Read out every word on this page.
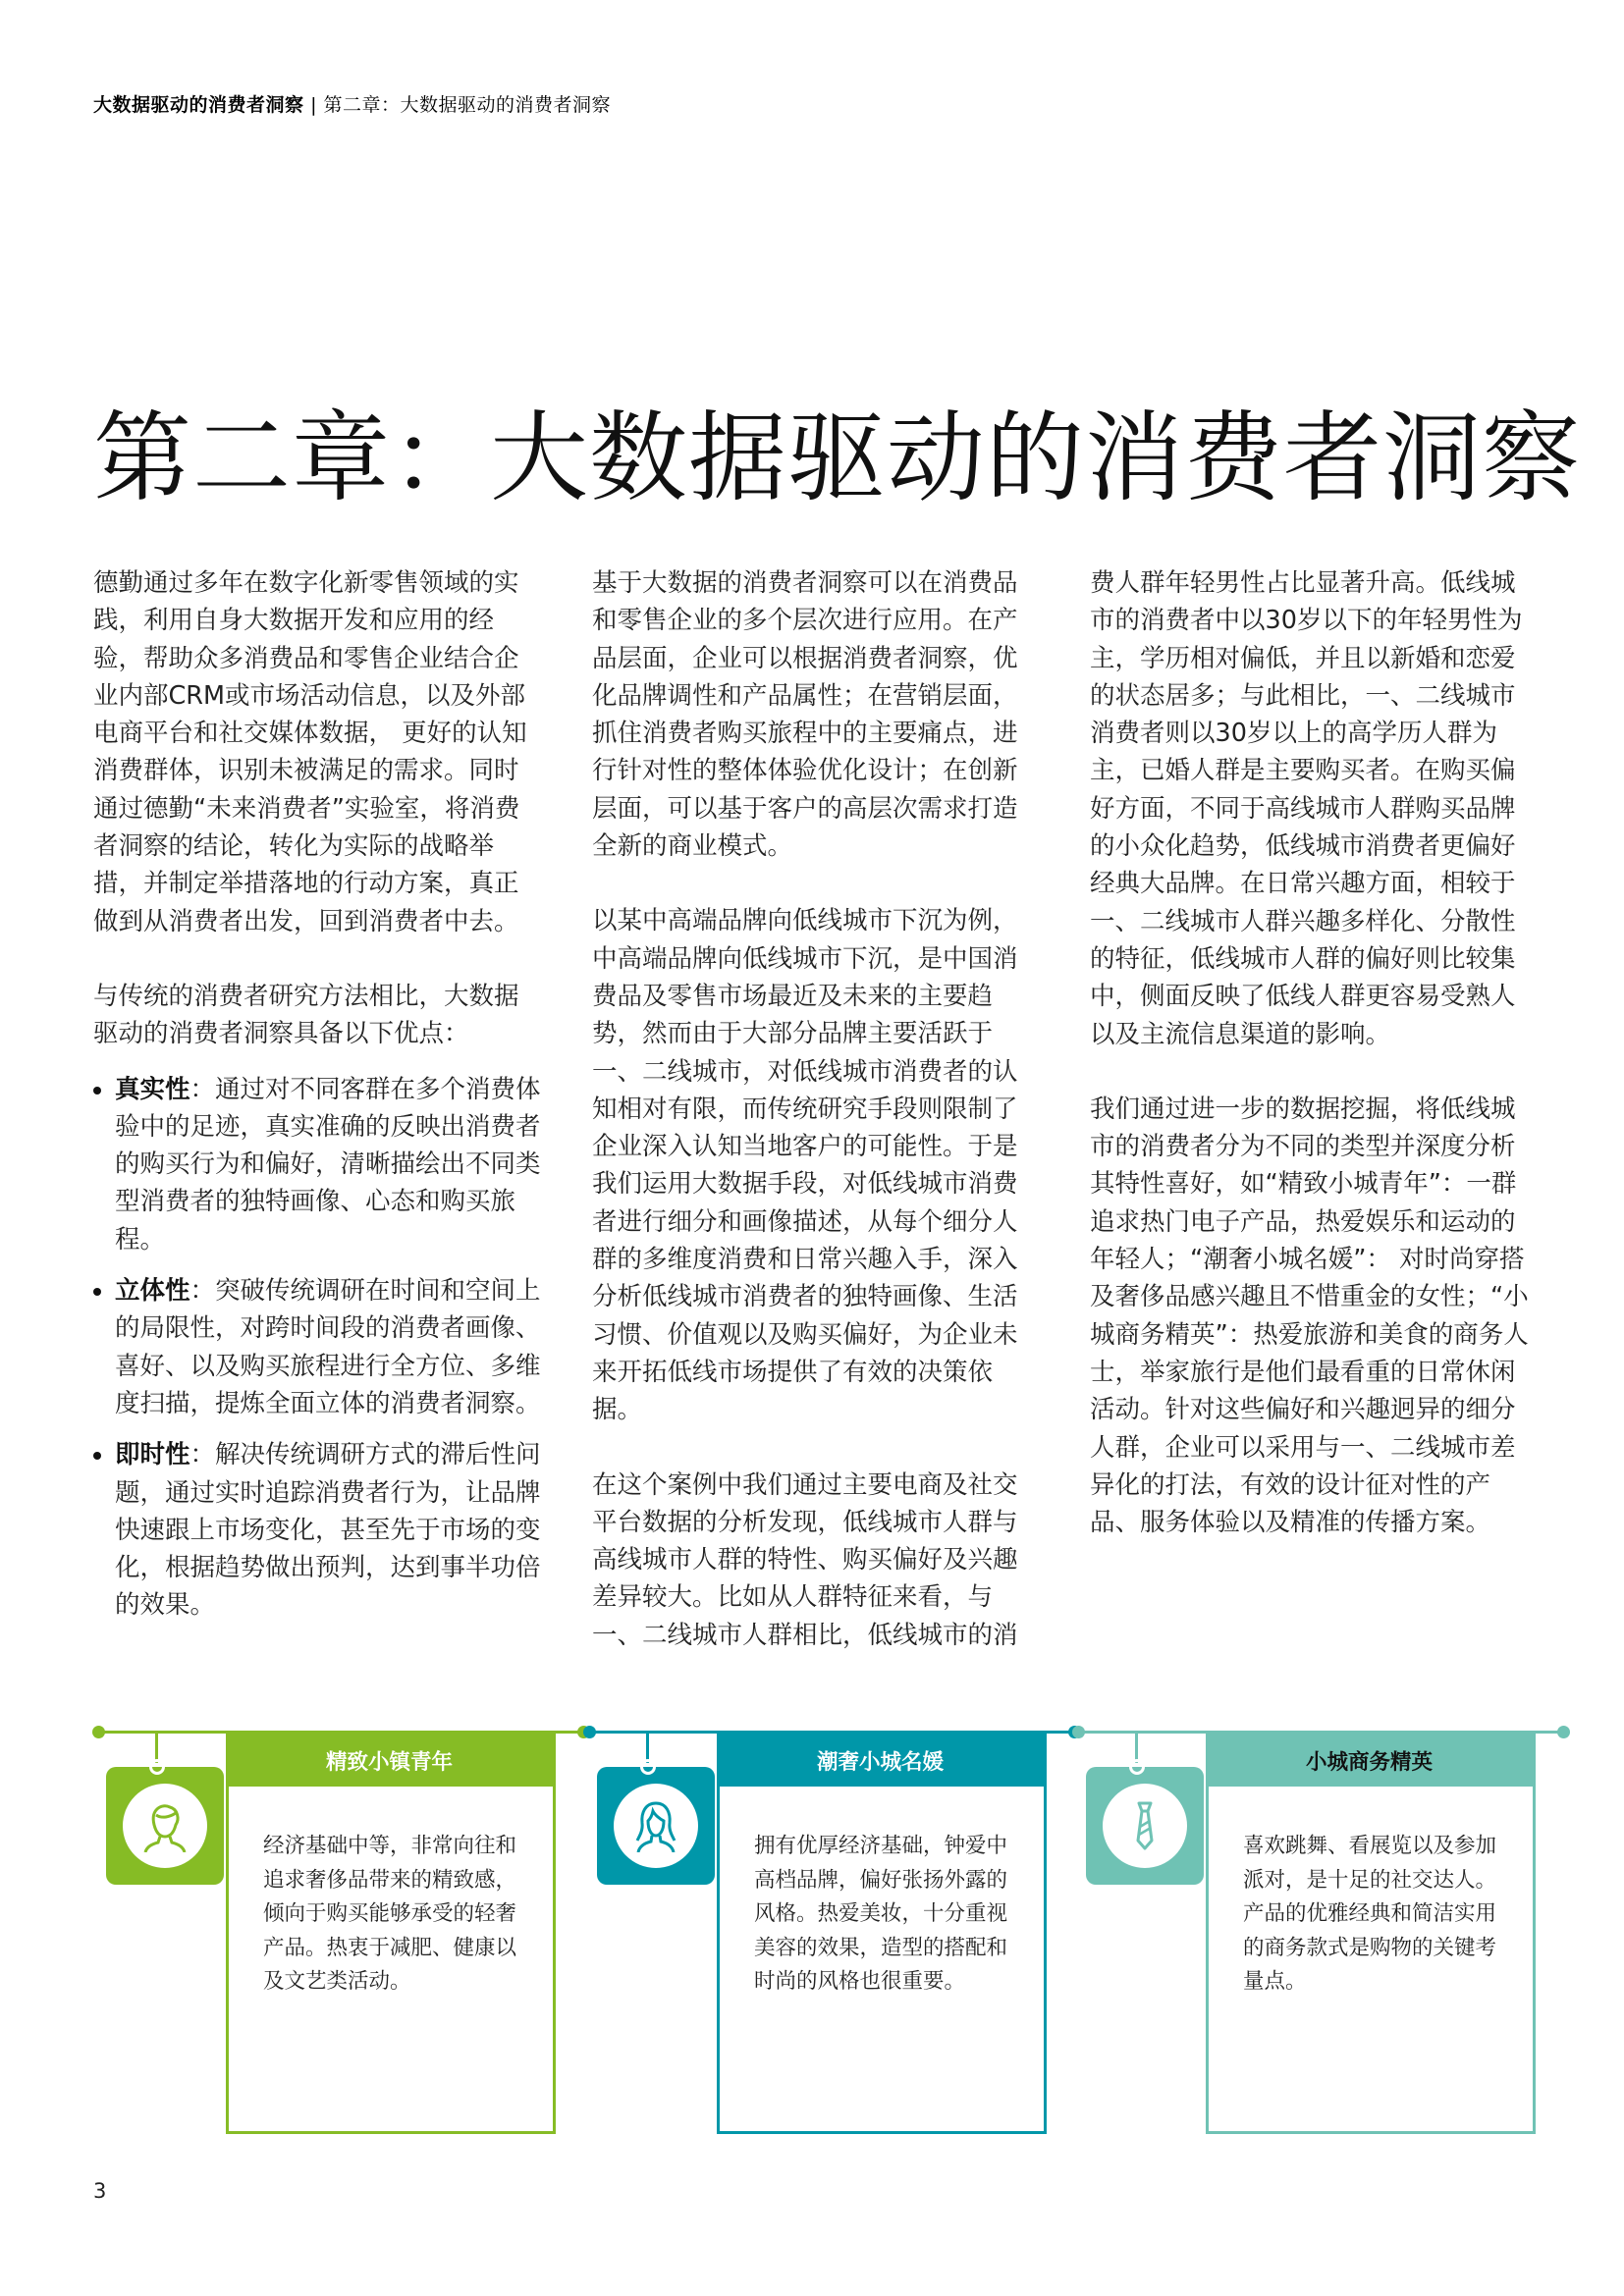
大数据驱动的消费者洞察 | 第二章：大数据驱动的消费者洞察
第二章：大数据驱动的消费者洞察

德勤通过多年在数字化新零售领域的实践，利用自身大数据开发和应用的经验，帮助众多消费品和零售企业结合企业内部CRM或市场活动信息，以及外部电商平台和社交媒体数据， 更好的认知消费群体，识别未被满足的需求。同时通过德勤“未来消费者”实验室，将消费者洞察的结论，转化为实际的战略举措，并制定举措落地的行动方案，真正做到从消费者出发，回到消费者中去。

与传统的消费者研究方法相比，大数据驱动的消费者洞察具备以下优点：

真实性：通过对不同客群在多个消费体验中的足迹，真实准确的反映出消费者的购买行为和偏好，清晰描绘出不同类型消费者的独特画像、心态和购买旅程。
立体性：突破传统调研在时间和空间上的局限性，对跨时间段的消费者画像、喜好、以及购买旅程进行全方位、多维度扫描，提炼全面立体的消费者洞察。
即时性：解决传统调研方式的滞后性问题，通过实时追踪消费者行为，让品牌快速跟上市场变化，甚至先于市场的变化，根据趋势做出预判，达到事半功倍的效果。

基于大数据的消费者洞察可以在消费品和零售企业的多个层次进行应用。在产品层面，企业可以根据消费者洞察，优化品牌调性和产品属性；在营销层面，抓住消费者购买旅程中的主要痛点，进行针对性的整体体验优化设计；在创新层面，可以基于客户的高层次需求打造全新的商业模式。

以某中高端品牌向低线城市下沉为例，中高端品牌向低线城市下沉，是中国消费品及零售市场最近及未来的主要趋势，然而由于大部分品牌主要活跃于一、二线城市，对低线城市消费者的认知相对有限，而传统研究手段则限制了企业深入认知当地客户的可能性。于是我们运用大数据手段，对低线城市消费者进行细分和画像描述，从每个细分人群的多维度消费和日常兴趣入手，深入分析低线城市消费者的独特画像、生活习惯、价值观以及购买偏好，为企业未来开拓低线市场提供了有效的决策依据。

在这个案例中我们通过主要电商及社交平台数据的分析发现，低线城市人群与高线城市人群的特性、购买偏好及兴趣差异较大。比如从人群特征来看，与一、二线城市人群相比，低线城市的消

费人群年轻男性占比显著升高。低线城市的消费者中以30岁以下的年轻男性为主，学历相对偏低，并且以新婚和恋爱的状态居多；与此相比，一、二线城市消费者则以30岁以上的高学历人群为主，已婚人群是主要购买者。在购买偏好方面，不同于高线城市人群购买品牌的小众化趋势，低线城市消费者更偏好经典大品牌。在日常兴趣方面，相较于一、二线城市人群兴趣多样化、分散性的特征，低线城市人群的偏好则比较集中，侧面反映了低线人群更容易受熟人以及主流信息渠道的影响。

我们通过进一步的数据挖掘，将低线城市的消费者分为不同的类型并深度分析其特性喜好，如“精致小城青年”：一群追求热门电子产品，热爱娱乐和运动的年轻人；“潮奢小城名媛”： 对时尚穿搭及奢侈品感兴趣且不惜重金的女性；“小城商务精英”：热爱旅游和美食的商务人士，举家旅行是他们最看重的日常休闲活动。针对这些偏好和兴趣迥异的细分人群，企业可以采用与一、二线城市差异化的打法，有效的设计征对性的产品、服务体验以及精准的传播方案。

精致小镇青年
经济基础中等，非常向往和追求奢侈品带来的精致感，倾向于购买能够承受的轻奢产品。热衷于减肥、健康以及文艺类活动。
潮奢小城名媛
拥有优厚经济基础，钟爱中高档品牌，偏好张扬外露的风格。热爱美妆，十分重视美容的效果，造型的搭配和时尚的风格也很重要。
小城商务精英
喜欢跳舞、看展览以及参加派对，是十足的社交达人。产品的优雅经典和简洁实用的商务款式是购物的关键考量点。
3
